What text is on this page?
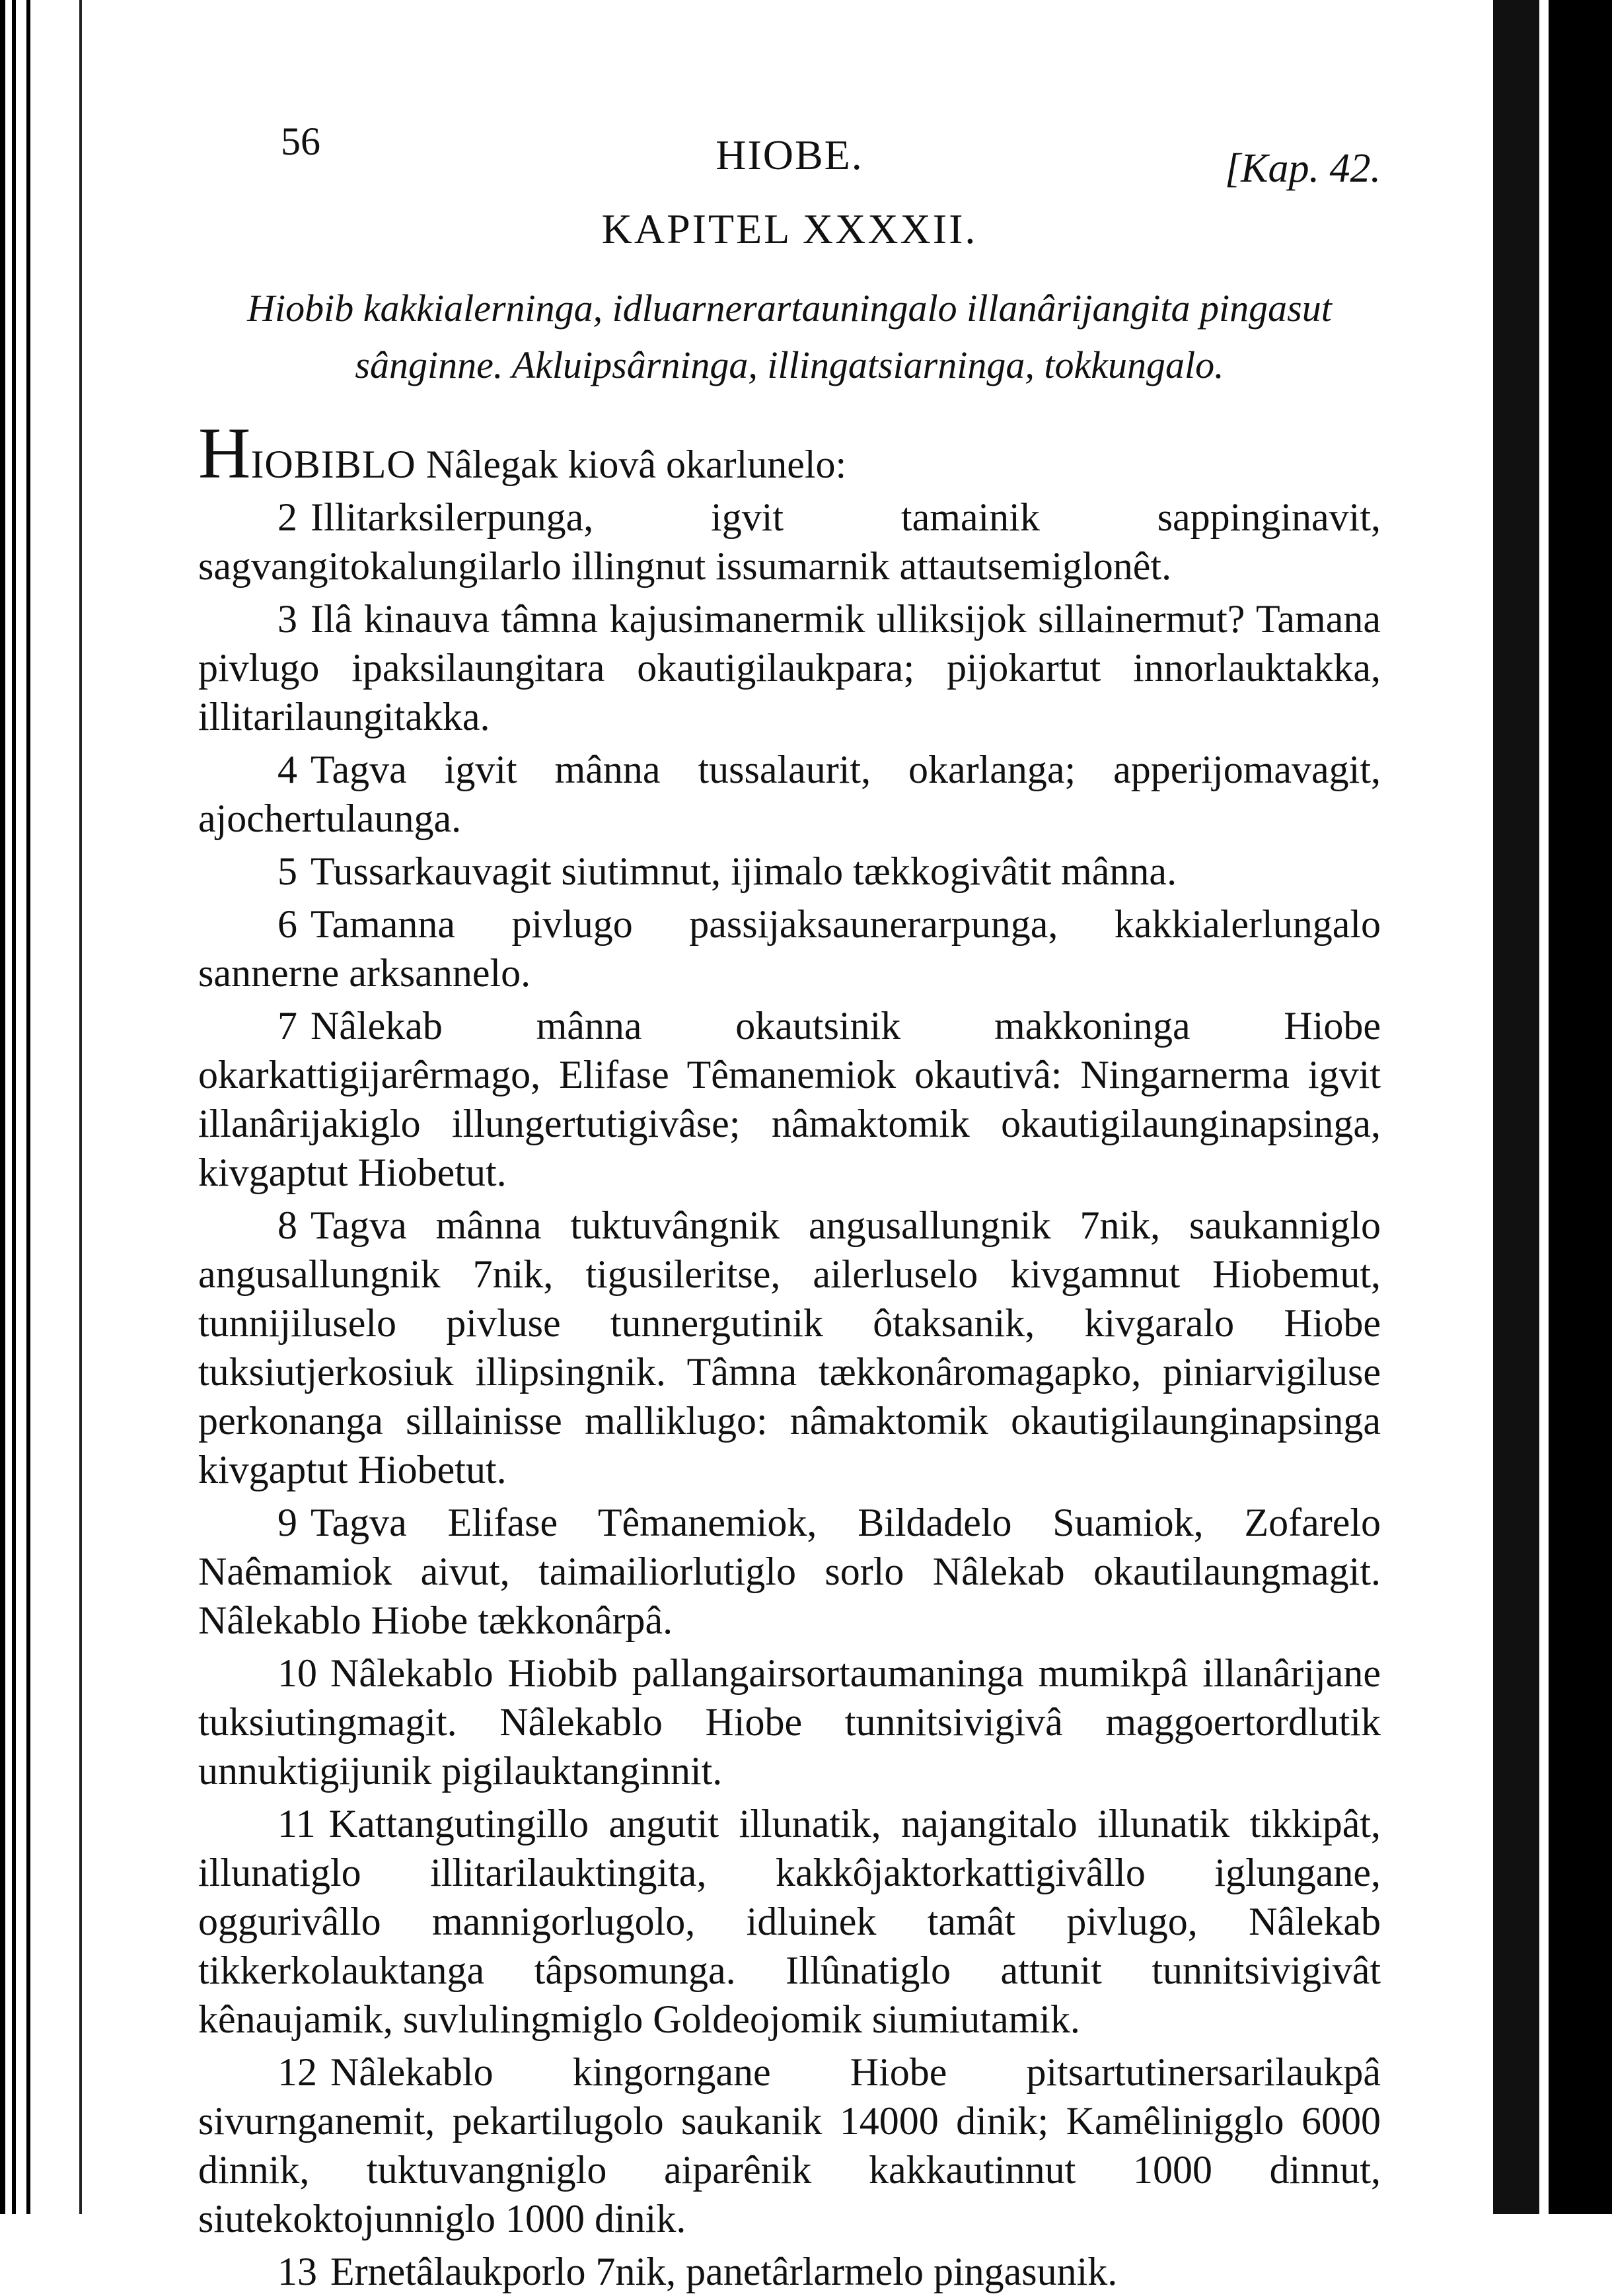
56	HIOBE.	[Kap. 42.
KAPITEL XXXXII.
Hiobib kakkialerninga, idluarnerartauningalo illanârijangita pingasut sânginne. Akluipsârninga, illingatsiarninga, tokkungalo.

HIOBIBLO Nâlegak kiovâ okarlunelo:

2 Illitarksilerpunga, igvit tamainik sappinginavit, sagvangitokalungilarlo illingnut issumarnik attautsemiglonêt.

3 Ilâ kinauva tâmna kajusimanermik ulliksijok sillainermut? Tamana pivlugo ipaksilaungitara okautigilaukpara; pijokartut innorlauktakka, illitarilaungitakka.

4 Tagva igvit mânna tussalaurit, okarlanga; apperijomavagit, ajochertulaunga.

5 Tussarkauvagit siutimnut, ijimalo tækkogivâtit mânna.

6 Tamanna pivlugo passijaksaunerarpunga, kakkialerlungalo sannerne arksannelo.

7 Nâlekab mânna okautsinik makkoninga Hiobe okarkattigijarêrmago, Elifase Têmanemiok okautivâ: Ningarnerma igvit illanârijakiglo illungertutigivâse; nâmaktomik okautigilaunginapsinga, kivgaptut Hiobetut.

8 Tagva mânna tuktuvângnik angusallungnik 7nik, saukanniglo angusallungnik 7nik, tigusileritse, ailerluselo kivgamnut Hiobemut, tunnijiluselo pivluse tunnergutinik ôtaksanik, kivgaralo Hiobe tuksiutjerkosiuk illipsingnik. Tâmna tækkonâromagapko, piniarvigiluse perkonanga sillainisse malliklugo: nâmaktomik okautigilaunginapsinga kivgaptut Hiobetut.

9 Tagva Elifase Têmanemiok, Bildadelo Suamiok, Zofarelo Naêmamiok aivut, taimailiorlutiglo sorlo Nâlekab okautilaungmagit. Nâlekablo Hiobe tækkonârpâ.

10 Nâlekablo Hiobib pallangairsortaumaninga mumikpâ illanârijane tuksiutingmagit. Nâlekablo Hiobe tunnitsivigivâ maggoertordlutik unnuktigijunik pigilauktanginnit.

11 Kattangutingillo angutit illunatik, najangitalo illunatik tikkipât, illunatiglo illitarilauktingita, kakkôjaktorkattigivâllo iglungane, oggurivâllo mannigorlugolo, idluinek tamât pivlugo, Nâlekab tikkerkolauktanga tâpsomunga. Illûnatiglo attunit tunnitsivigivât kênaujamik, suvlulingmiglo Goldeojomik siumiutamik.

12 Nâlekablo kingorngane Hiobe pitsartutinersarilaukpâ sivurnganemit, pekartilugolo saukanik 14000 dinik; Kamêlinigglo 6000 dinnik, tuktuvangniglo aiparênik kakkautinnut 1000 dinnut, siutekoktojunniglo 1000 dinik.

13 Ernetâlaukporlo 7nik, panetârlarmelo pingasunik.
